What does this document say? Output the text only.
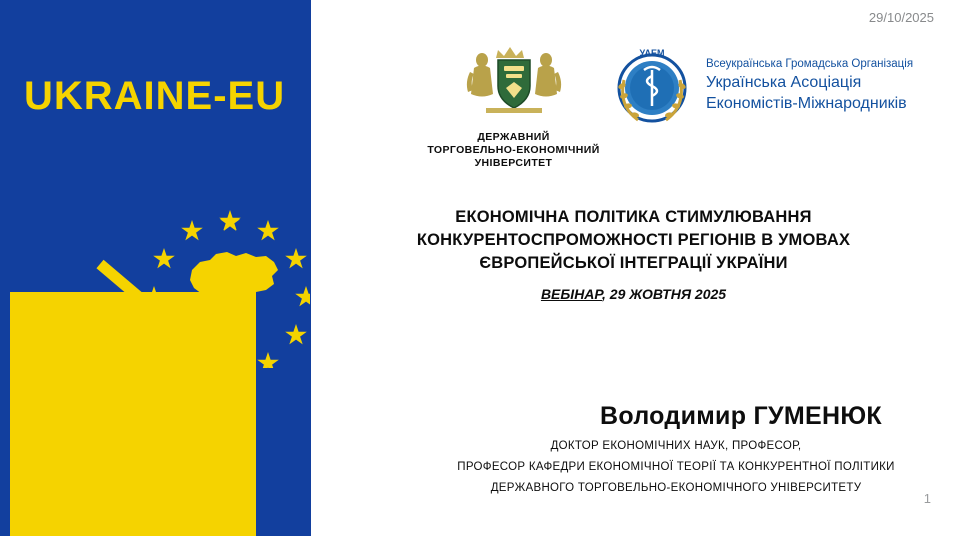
UKRAINE-EU
29/10/2025
1
ДЕРЖАВНИЙ
ТОРГОВЕЛЬНО-ЕКОНОМІЧНИЙ
УНІВЕРСИТЕТ
УАЕМ
Всеукраїнська Громадська Організація
Українська Асоціація
Економістів-Міжнародників
ЕКОНОМІЧНА ПОЛІТИКА СТИМУЛЮВАННЯ
КОНКУРЕНТОСПРОМОЖНОСТІ РЕГІОНІВ В УМОВАХ
ЄВРОПЕЙСЬКОЇ ІНТЕГРАЦІЇ УКРАЇНИ
ВЕБІНАР, 29 ЖОВТНЯ 2025
Володимир ГУМЕНЮК
ДОКТОР ЕКОНОМІЧНИХ НАУК, ПРОФЕСОР,
ПРОФЕСОР КАФЕДРИ ЕКОНОМІЧНОЇ ТЕОРІЇ ТА КОНКУРЕНТНОЇ ПОЛІТИКИ
ДЕРЖАВНОГО ТОРГОВЕЛЬНО-ЕКОНОМІЧНОГО УНІВЕРСИТЕТУ
